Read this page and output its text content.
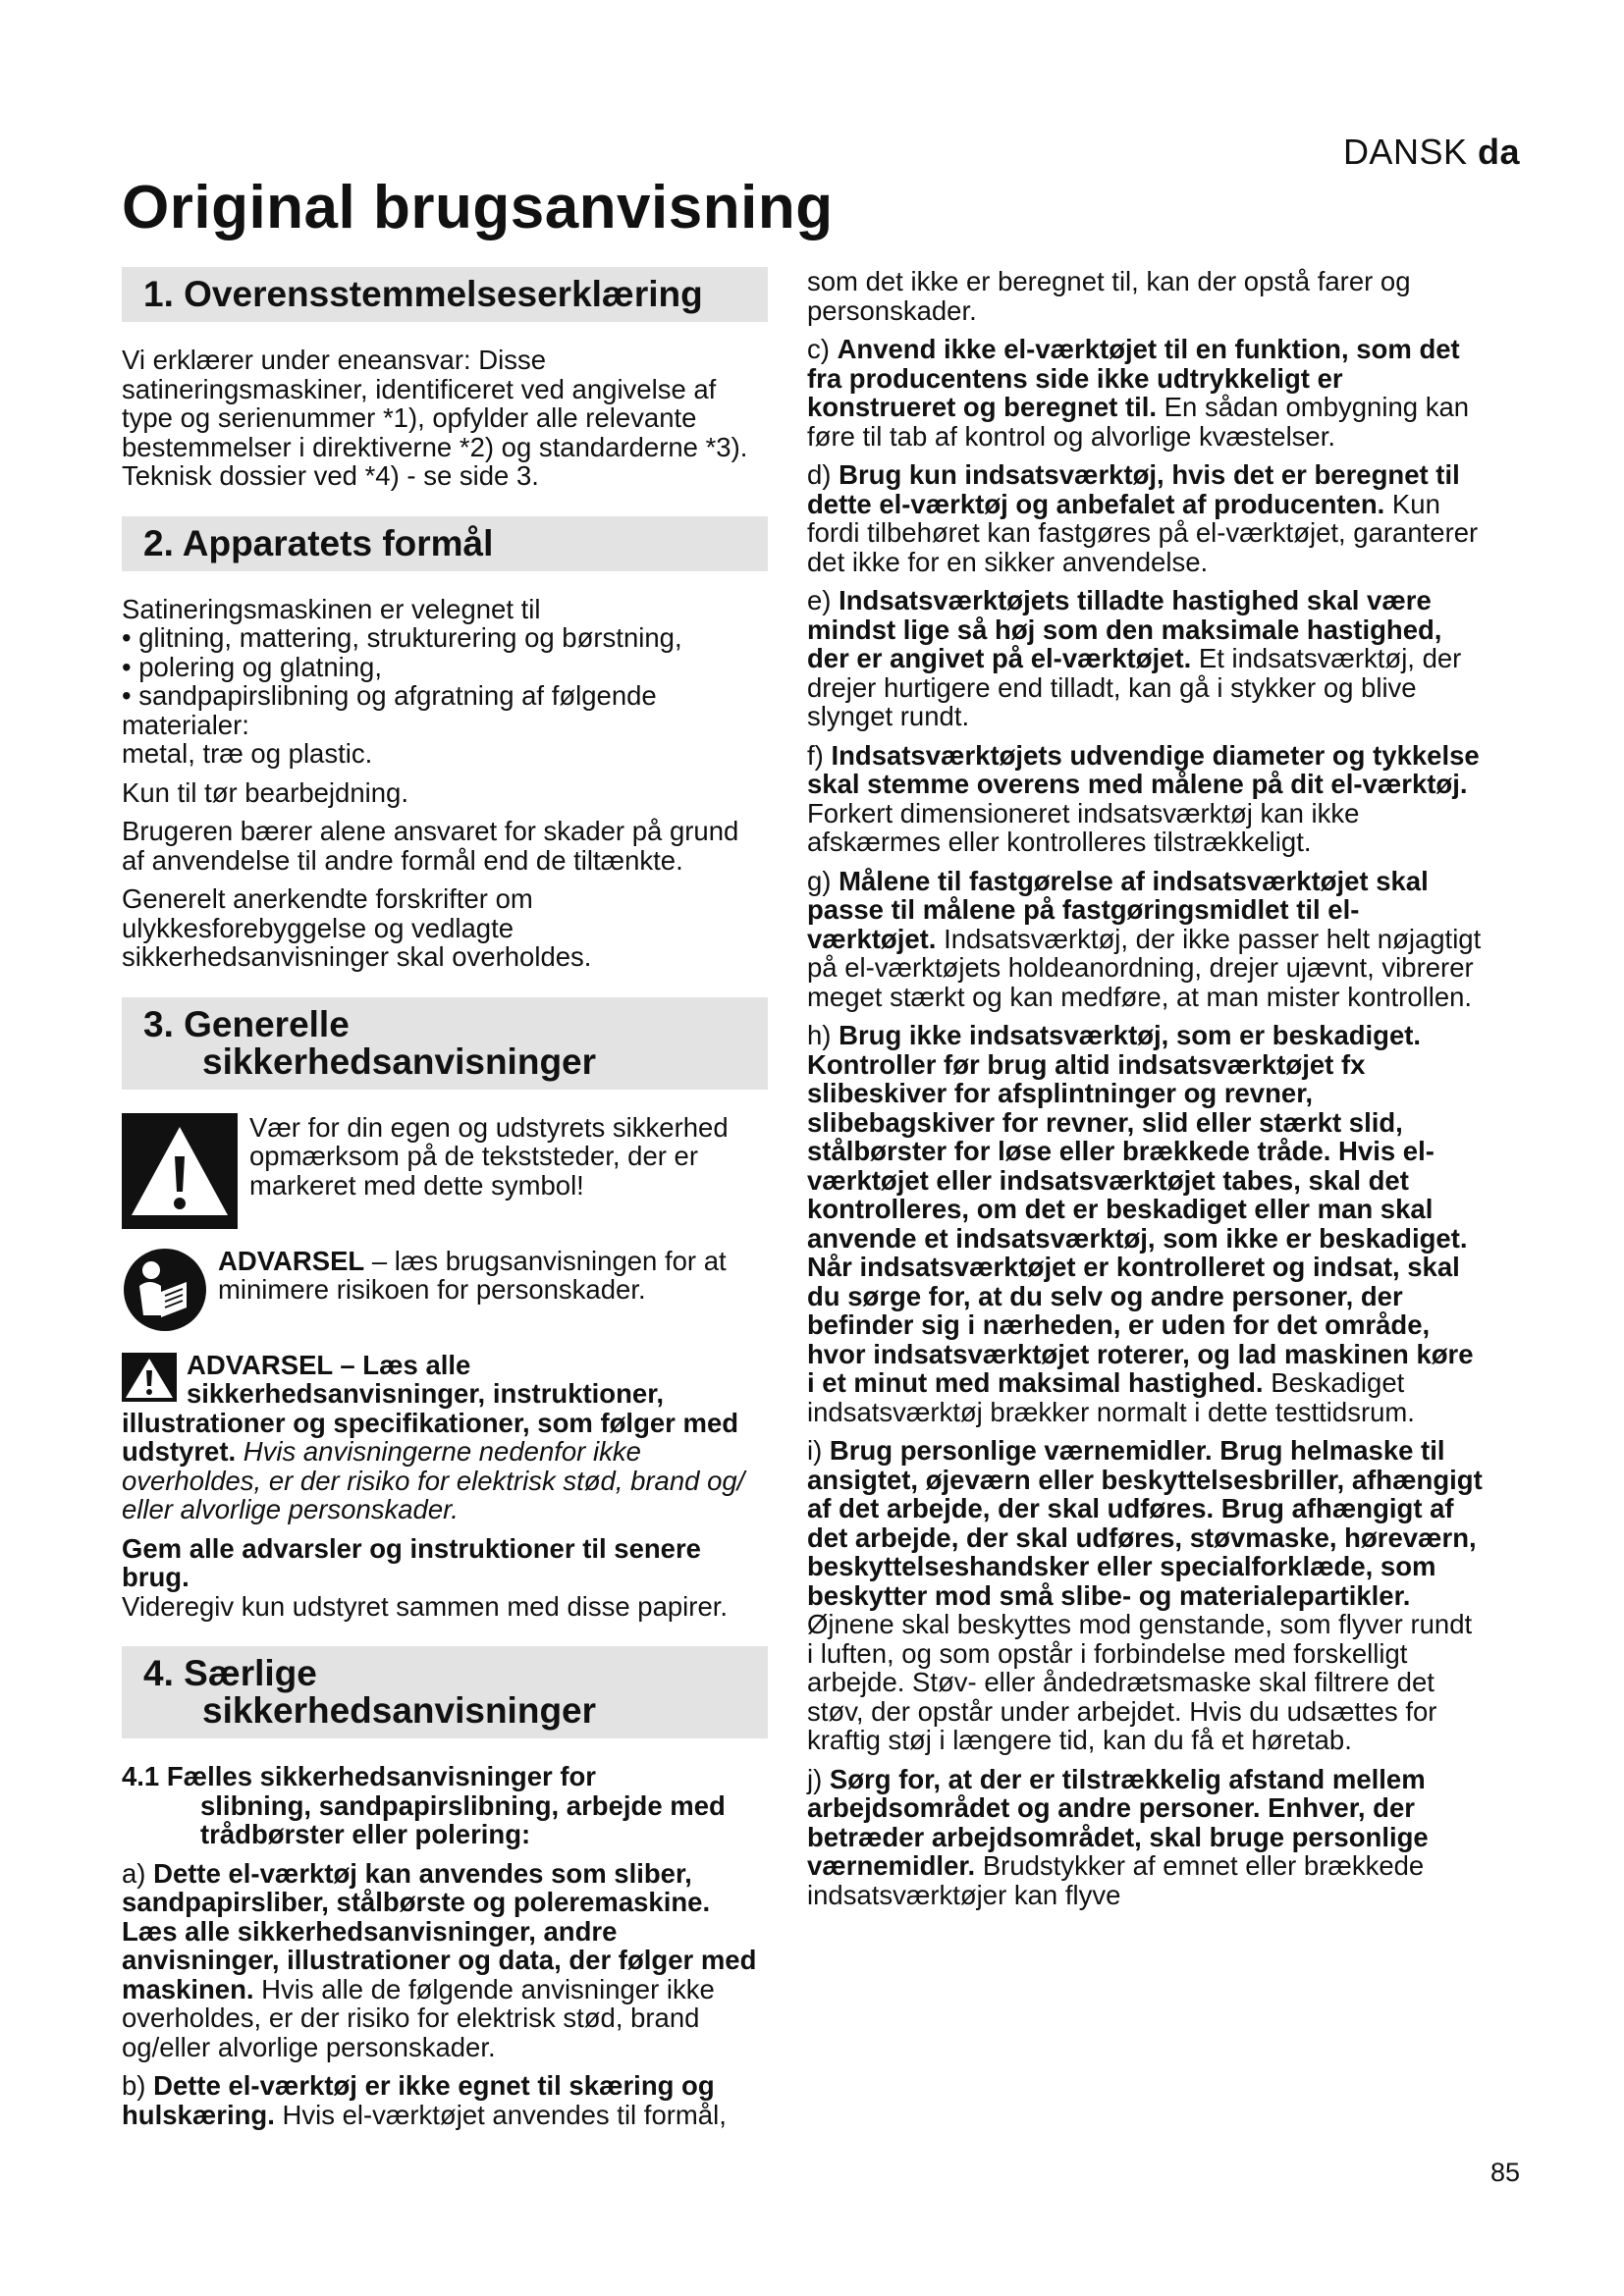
DANSK da
Original brugsanvisning
1. Overensstemmelseserklæring

Vi erklærer under eneansvar: Disse satineringsmaskiner, identificeret ved angivelse af type og serienummer *1), opfylder alle relevante bestemmelser i direktiverne *2) og standarderne *3). Teknisk dossier ved *4) - se side 3.

2. Apparatets formål

Satineringsmaskinen er velegnet til

• glitning, mattering, strukturering og børstning,
• polering og glatning,
• sandpapirslibning og afgratning af følgende materialer:
metal, træ og plastic.

Kun til tør bearbejdning.

Brugeren bærer alene ansvaret for skader på grund af anvendelse til andre formål end de tiltænkte.

Generelt anerkendte forskrifter om ulykkesforebyggelse og vedlagte sikkerhedsanvisninger skal overholdes.

3. Generelle
sikkerhedsanvisninger
Vær for din egen og udstyrets sikkerhed opmærksom på de tekststeder, der er markeret med dette symbol!
ADVARSEL – læs brugsanvisningen for at minimere risikoen for personskader.

ADVARSEL – Læs alle sikkerhedsanvisninger, instruktioner, illustrationer og specifikationer, som følger med udstyret. Hvis anvisningerne nedenfor ikke overholdes, er der risiko for elektrisk stød, brand og/ eller alvorlige personskader.

Gem alle advarsler og instruktioner til senere brug.
Videregiv kun udstyret sammen med disse papirer.

4. Særlige
sikkerhedsanvisninger

4.1 Fælles sikkerhedsanvisninger for
slibning, sandpapirslibning, arbejde med trådbørster eller polering:

a) Dette el-værktøj kan anvendes som sliber, sandpapirsliber, stålbørste og poleremaskine. Læs alle sikkerhedsanvisninger, andre anvisninger, illustrationer og data, der følger med maskinen. Hvis alle de følgende anvisninger ikke overholdes, er der risiko for elektrisk stød, brand og/eller alvorlige personskader.

b) Dette el-værktøj er ikke egnet til skæring og hulskæring. Hvis el-værktøjet anvendes til formål,

som det ikke er beregnet til, kan der opstå farer og personskader.

c) Anvend ikke el-værktøjet til en funktion, som det fra producentens side ikke udtrykkeligt er konstrueret og beregnet til. En sådan ombygning kan føre til tab af kontrol og alvorlige kvæstelser.

d) Brug kun indsatsværktøj, hvis det er beregnet til dette el-værktøj og anbefalet af producenten. Kun fordi tilbehøret kan fastgøres på el-værktøjet, garanterer det ikke for en sikker anvendelse.

e) Indsatsværktøjets tilladte hastighed skal være mindst lige så høj som den maksimale hastighed, der er angivet på el-værktøjet. Et indsatsværktøj, der drejer hurtigere end tilladt, kan gå i stykker og blive slynget rundt.

f) Indsatsværktøjets udvendige diameter og tykkelse skal stemme overens med målene på dit el-værktøj. Forkert dimensioneret indsatsværktøj kan ikke afskærmes eller kontrolleres tilstrækkeligt.

g) Målene til fastgørelse af indsatsværktøjet skal passe til målene på fastgøringsmidlet til el-værktøjet. Indsatsværktøj, der ikke passer helt nøjagtigt på el-værktøjets holdeanordning, drejer ujævnt, vibrerer meget stærkt og kan medføre, at man mister kontrollen.

h) Brug ikke indsatsværktøj, som er beskadiget. Kontroller før brug altid indsatsværktøjet fx slibeskiver for afsplintninger og revner, slibebagskiver for revner, slid eller stærkt slid, stålbørster for løse eller brækkede tråde. Hvis el-værktøjet eller indsatsværktøjet tabes, skal det kontrolleres, om det er beskadiget eller man skal anvende et indsatsværktøj, som ikke er beskadiget. Når indsatsværktøjet er kontrolleret og indsat, skal du sørge for, at du selv og andre personer, der befinder sig i nærheden, er uden for det område, hvor indsatsværktøjet roterer, og lad maskinen køre i et minut med maksimal hastighed. Beskadiget indsatsværktøj brækker normalt i dette testtidsrum.

i) Brug personlige værnemidler. Brug helmaske til ansigtet, øjeværn eller beskyttelsesbriller, afhængigt af det arbejde, der skal udføres. Brug afhængigt af det arbejde, der skal udføres, støvmaske, høreværn, beskyttelseshandsker eller specialforklæde, som beskytter mod små slibe- og materialepartikler. Øjnene skal beskyttes mod genstande, som flyver rundt i luften, og som opstår i forbindelse med forskelligt arbejde. Støv- eller åndedrætsmaske skal filtrere det støv, der opstår under arbejdet. Hvis du udsættes for kraftig støj i længere tid, kan du få et høretab.

j) Sørg for, at der er tilstrækkelig afstand mellem arbejdsområdet og andre personer. Enhver, der betræder arbejdsområdet, skal bruge personlige værnemidler. Brudstykker af emnet eller brækkede indsatsværktøjer kan flyve

85
